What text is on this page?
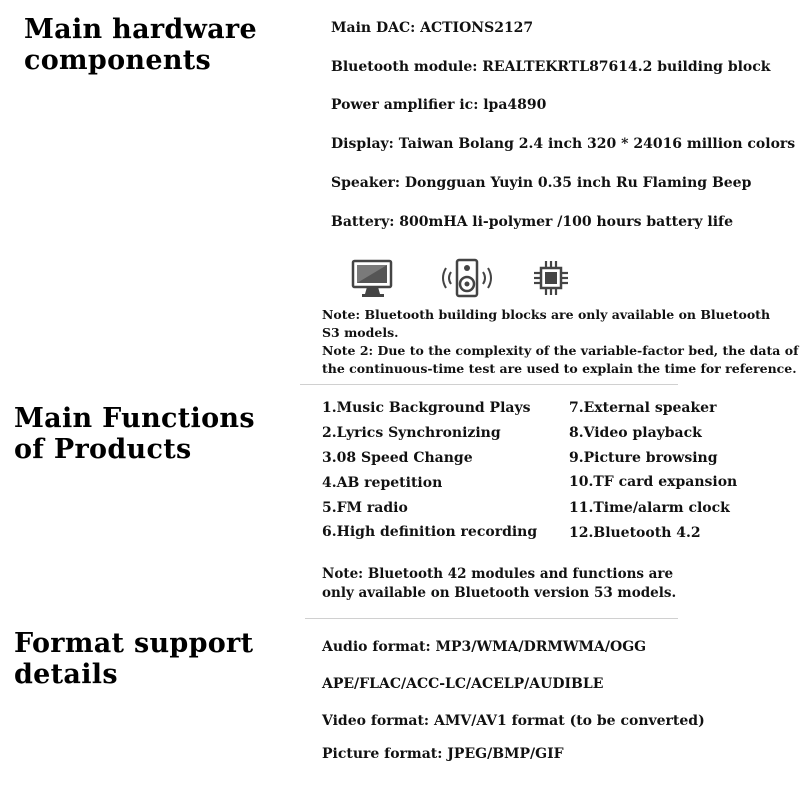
Main hardware
components
Main DAC: ACTIONS2127
Bluetooth module: REALTEKRTL87614.2 building block
Power amplifier ic: lpa4890
Display: Taiwan Bolang 2.4 inch 320 * 24016 million colors
Speaker: Dongguan Yuyin 0.35 inch Ru Flaming Beep
Battery: 800mHA li-polymer /100 hours battery life
Note: Bluetooth building blocks are only available on Bluetooth
S3 models.
Note 2: Due to the complexity of the variable-factor bed, the data of
the continuous-time test are used to explain the time for reference.
Main Functions
of Products
1.Music Background Plays
2.Lyrics Synchronizing
3.08 Speed Change
4.AB repetition
5.FM radio
6.High definition recording
7.External speaker
8.Video playback
9.Picture browsing
10.TF card expansion
11.Time/alarm clock
12.Bluetooth 4.2
Note: Bluetooth 42 modules and functions are
only available on Bluetooth version 53 models.
Format support
details
Audio format: MP3/WMA/DRMWMA/OGG
APE/FLAC/ACC-LC/ACELP/AUDIBLE
Video format: AMV/AV1 format (to be converted)
Picture format: JPEG/BMP/GIF
